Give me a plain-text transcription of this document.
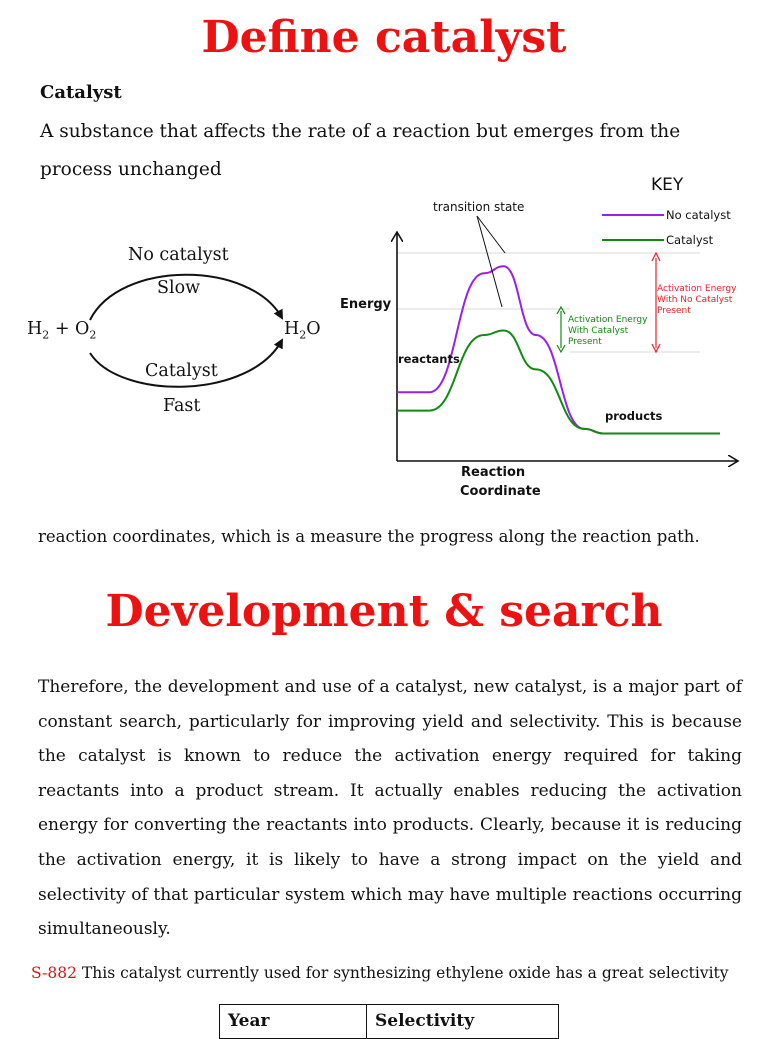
Define catalyst
Catalyst
A substance that affects the rate of a reaction but emerges from the
process unchanged
No catalyst
Slow
$H_2 + O_2$	$H_2O$
Catalyst
Fast
KEY
No catalyst
Catalyst
transition state
Energy
reactants
products
Reaction
Coordinate
Activation Energy
With Catalyst
Present
Activation Energy
With No Catalyst
Present
reaction coordinates, which is a measure the progress along the reaction path.
Development & search

Therefore, the development and use of a catalyst, new catalyst, is a major part of constant search, particularly for improving yield and selectivity. This is because the catalyst is known to reduce the activation energy required for taking reactants into a product stream. It actually enables reducing the activation energy for converting the reactants into products. Clearly, because it is reducing the activation energy, it is likely to have a strong impact on the yield and selectivity of that particular system which may have multiple reactions occurring simultaneously.

S-882 This catalyst currently used for synthesizing ethylene oxide has a great selectivity
Year	Selectivity
